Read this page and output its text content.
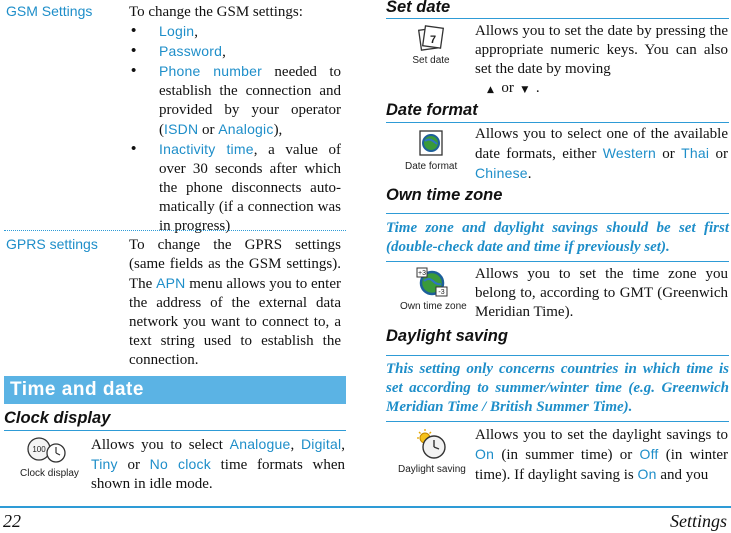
GSM Settings To change the GSM settings:
• Login,
• Password,
• Phone number needed to establish the connection and provided by your operator (ISDN or Analogic),
• Inactivity time, a value of over 30 seconds after which the phone disconnects auto-matically (if a connection was in progress)
GPRS settings To change the GPRS settings (same fields as the GSM settings). The APN menu allows you to enter the address of the external data network you want to connect to, a text string used to establish the connection.
Time and date
Clock display
100
Clock display
Allows you to select Analogue, Digital, Tiny or No clock time formats when shown in idle mode.
Set date
7
Set date
Allows you to set the date by pressing the appropriate numeric keys. You can also set the date by moving
▲ or ▼ .
Date format
Date format
Allows you to select one of the available date formats, either Western or Thai or Chinese.
Own time zone
Time zone and daylight savings should be set first (double-check date and time if previously set).
+3
-3
Own time zone
Allows you to set the time zone you belong to, according to GMT (Greenwich Meridian Time).
Daylight saving
This setting only concerns countries in which time is set according to summer/winter time (e.g. Greenwich Meridian Time / British Summer Time).
Daylight saving
Allows you to set the daylight savings to On (in summer time) or Off (in winter time). If daylight saving is On and you
22	Settings
